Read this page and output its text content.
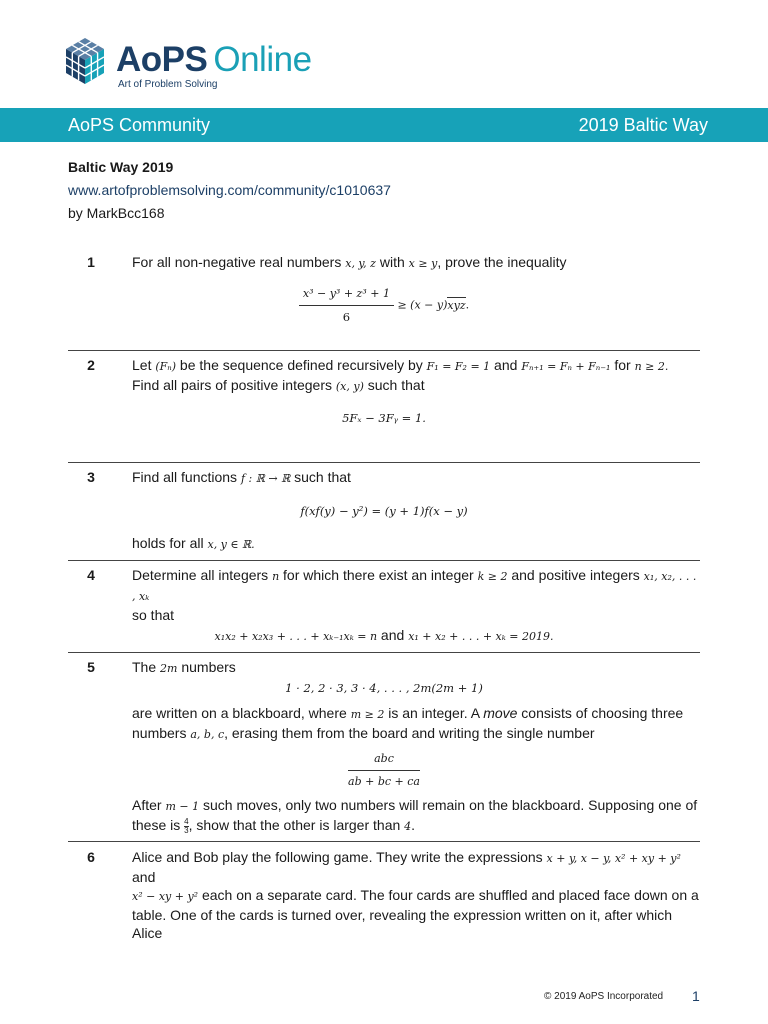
AoPS Online
Art of Problem Solving
AoPS Community	2019 Baltic Way
Baltic Way 2019
www.artofproblemsolving.com/community/c1010637
by MarkBcc168
1	For all non-negative real numbers x, y, z with x ≥ y, prove the inequality
$\frac{\text{x³ − y³ + z³ + 1}}{6} \ge (x - y)xyz$.
2	Let (Fₙ) be the sequence defined recursively by F₁ = F₂ = 1 and Fₙ₊₁ = Fₙ + Fₙ₋₁ for n ≥ 2.
Find all pairs of positive integers (x, y) such that
5Fₓ − 3Fᵧ = 1.
3	Find all functions f : ℝ → ℝ such that
f(xf(y) − y²) = (y + 1)f(x − y)
holds for all x, y ∈ ℝ.
4	Determine all integers n for which there exist an integer k ≥ 2 and positive integers x₁, x₂, . . . , xₖ
so that
x₁x₂ + x₂x₃ + . . . + xₖ₋₁xₖ = n and x₁ + x₂ + . . . + xₖ = 2019.
5	The 2m numbers
1 · 2, 2 · 3, 3 · 4, . . . , 2m(2m + 1)
are written on a blackboard, where m ≥ 2 is an integer. A move consists of choosing three
numbers a, b, c, erasing them from the board and writing the single number
$\frac{\text{abc}}{ab + bc + ca}$
After m − 1 such moves, only two numbers will remain on the blackboard. Supposing one of
these is $\frac{4}{3}$, show that the other is larger than 4.
6	Alice and Bob play the following game. They write the expressions x + y, x − y, x² + xy + y² and
x² − xy + y² each on a separate card. The four cards are shuffled and placed face down on a
table. One of the cards is turned over, revealing the expression written on it, after which Alice
© 2019 AoPS Incorporated 1
